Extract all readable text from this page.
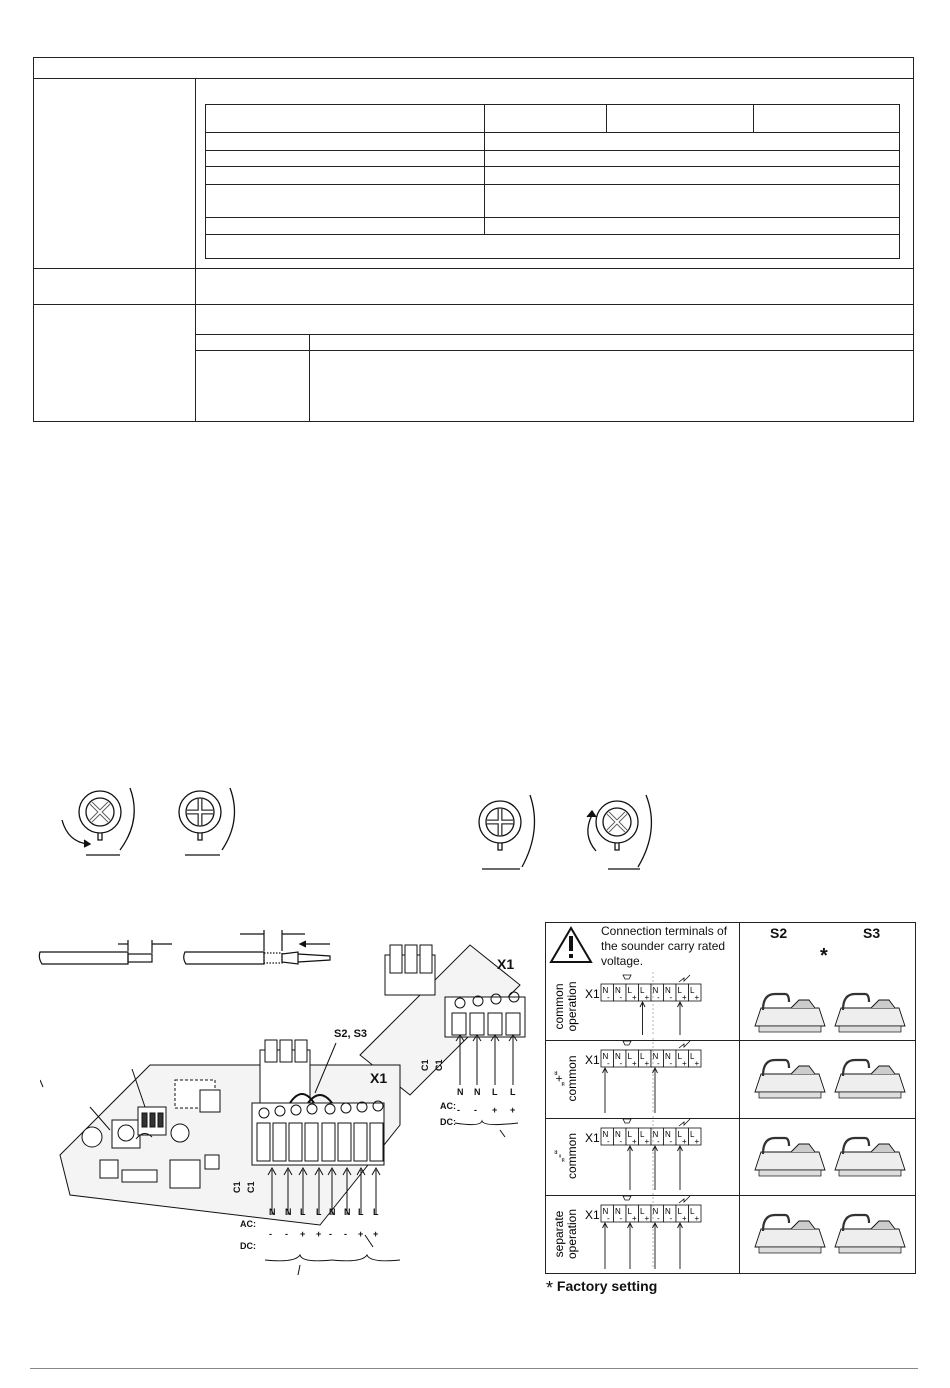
S2, S3
X1
X1
C1 C1
AC:
DC:
C1 C1
AC:
DC:
N
-
N
-
L
+
L
+
N
-
N
-
L
+
L
+
N
-
N
-
L
+
L
+
Connection terminals of
the sounder carry rated
voltage.
S2	S3
*
common operation X1 N
-
N
-
L
+
L
+
N
-
N
-
L
+
L
+
„+“ common X1 N
-
N
-
L
+
L
+
N
-
N
-
L
+
L
+
„-“ common X1 N
-
N
-
L
+
L
+
N
-
N
-
L
+
L
+
separate operation X1 N
-
N
-
L
+
L
+
N
-
N
-
L
+
L
+
* Factory setting
